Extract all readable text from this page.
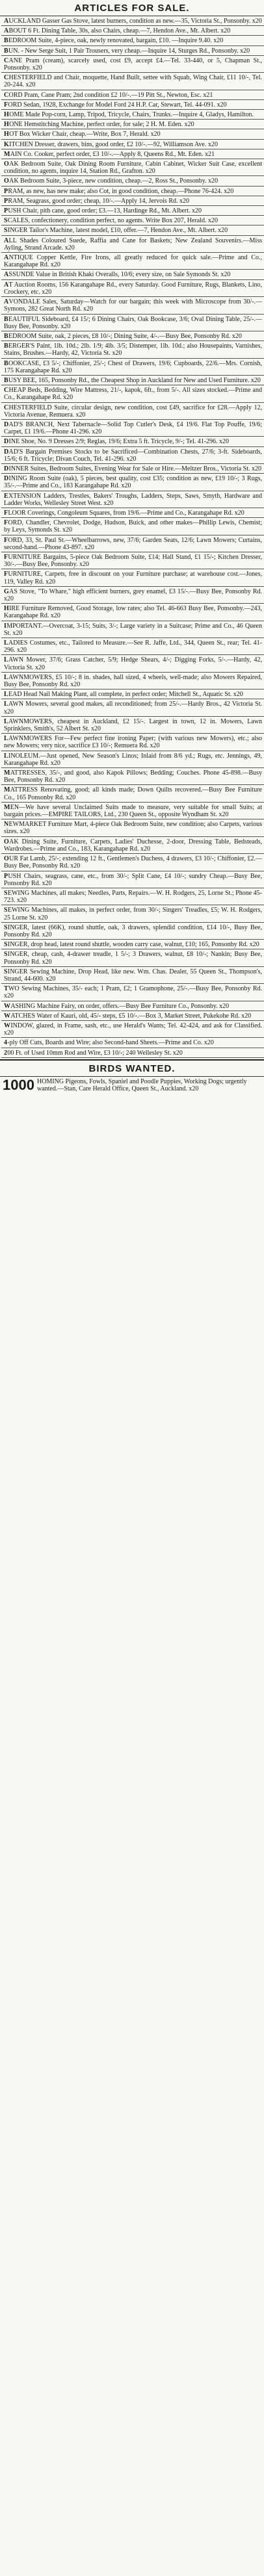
ARTICLES FOR SALE.
AUCKLAND Gasser Gas Stove, latest burners, condition as new.—35, Victoria St., Ponsonby. x20
ABOUT 6 Ft. Dining Table, 30s, also Chairs, cheap.—7, Hendon Ave., Mt. Albert. x20
BEDROOM Suite, 4-piece, oak, newly renovated, bargain, £10. —Inquire 9.40. x20
BUN. - New Serge Suit, 1 Pair Trousers, very cheap.—Inquire 14, Sturges Rd., Ponsonby. x20
CANE Pram (cream), scarcely used, cost £9, accept £4.—Tel. 33-440, or 5, Chapman St., Ponsonby. x20
CHESTERFIELD and Chair, moquette, Hand Built, settee with Squab, Wing Chair, £11 10/-, Tel. 20-244. x20
CORD Pram, Cane Pram; 2nd condition £2 10/-.—19 Pitt St., Newton, Esc. x21
FORD Sedan, 1928, Exchange for Model Ford 24 H.P. Car, Stewart, Tel. 44-091. x20
HOME Made Pop-corn, Lamp, Tripod, Tricycle, Chairs, Trunks.—Inquire 4, Gladys, Hamilton.
HONE Hemstitching Machine, perfect order, for sale; 2 H. M. Eden. x20
HOT Box Wicker Chair, cheap.—Write, Box 7, Herald. x20
KITCHEN Dresser, drawers, bins, good order, £2 10/-.—92, Williamson Ave. x20
MAIN Co. Cooker, perfect order, £3 10/-.—Apply 8, Queens Rd., Mt. Eden. x21
OAK Bedroom Suite, Oak Dining Room Furniture, Cabin Cabinet, Wicker Suit Case, excellent condition, no agents, inquire 14, Station Rd., Grafton. x20
OAK Bedroom Suite, 3-piece, new condition, cheap.—2, Ross St., Ponsonby. x20
PRAM, as new, has new make; also Cot, in good condition, cheap.—Phone 76-424. x20
PRAM, Seagrass, good order; cheap, 10/-.—Apply 14, Jervois Rd. x20
PUSH Chair, pith cane, good order; £3.—13, Hardinge Rd., Mt. Albert. x20
SCALES, confectionery, condition perfect, no agents. Write Box 207, Herald. x20
SINGER Tailor's Machine, latest model, £10, offer.—7, Hendon Ave., Mt. Albert. x20
ALL Shades Coloured Suede, Raffia and Cane for Baskets; New Zealand Souvenirs.—Miss Ayling, Strand Arcade. x20
ANTIQUE Copper Kettle, Fire Irons, all greatly reduced for quick sale.—Prime and Co., Karangahape Rd. x20
ASSUNDE Value in British Khaki Overalls, 10/6; every size, on Sale Symonds St. x20
AT Auction Rooms, 156 Karangahape Rd., every Saturday. Good Furniture, Rugs, Blankets, Lino, Crockery, etc. x20
AVONDALE Sales, Saturday—Watch for our bargain; this week with Microscope from 30/-.—Symons, 282 Great North Rd. x20
BEAUTIFUL Sideboard, £4 15/; 6 Dining Chairs, Oak Bookcase, 3/6; Oval Dining Table, 25/-.—Busy Bee, Ponsonby. x20
BEDROOM Suite, oak, 2 pieces, £8 10/-; Dining Suite, 4/-.—Busy Bee, Ponsonby Rd. x20
BERGER'S Paint, 1lb. 10d.; 2lb. 1/9; 4lb. 3/5; Distemper, 1lb. 10d.; also Housepaints, Varnishes, Stains, Brushes.—Hardy, 42, Victoria St. x20
BOOKCASE, £3 5/-; Chiffonier, 25/-; Chest of Drawers, 19/6; Cupboards, 22/6.—Mrs. Cornish, 175 Karangahape Rd. x20
BUSY BEE, 165, Ponsonby Rd., the Cheapest Shop in Auckland for New and Used Furniture. x20
CHEAP Beds, Bedding, Wire Mattress, 21/-, kapok, 6ft., from 5/-. All sizes stocked.—Prime and Co., Karangahape Rd. x20
CHESTERFIELD Suite, circular design, new condition, cost £49, sacrifice for £28.—Apply 12, Victoria Avenue, Remuera. x20
DAD'S BRANCH, Next Tabernacle—Solid Top Cutler's Desk, £4 19/6. Flat Top Pouffe, 19/6; Carpet, £1 19/6.—Phone 41-296. x20
DINE Shoe, No. 9 Dresses 2/9; Reglas, 19/6; Extra 5 ft. Tricycle, 9/-; Tel. 41-296. x20
DAD'S Bargain Premises Stocks to be Sacrificed—Combination Chests, 27/6; 3-ft. Sideboards, 15/6; 6 ft. Tricycle; Divan Couch, Tel. 41-296. x20
DINNER Suites, Bedroom Suites, Evening Wear for Sale or Hire.—Meltzer Bros., Victoria St. x20
DINING Room Suite (oak), 5 pieces, best quality, cost £35; condition as new, £19 10/-; 3 Rugs, 35/-.—Prime and Co., 183 Karangahape Rd. x20
EXTENSION Ladders, Trestles, Bakers' Troughs, Ladders, Steps, Saws, Smyth, Hardware and Ladder Works, Wellesley Street West. x20
FLOOR Coverings, Congoleum Squares, from 19/6.—Prime and Co., Karangahape Rd. x20
FORD, Chandler, Chevrolet, Dodge, Hudson, Buick, and other makes—Phillip Lewis, Chemist; by Leys, Symonds St. x20
FORD, 33, St. Paul St.—Wheelbarrows, new, 37/6; Garden Seats, 12/6; Lawn Mowers; Curtains, second-hand.—Phone 43-897. x20
FURNITURE Bargains, 5-piece Oak Bedroom Suite, £14; Hall Stand, £1 15/-; Kitchen Dresser, 30/-.—Busy Bee, Ponsonby. x20
FURNITURE, Carpets, free in discount on your Furniture purchase; at warehouse cost.—Jones, 119, Valley Rd. x20
GAS Stove, "To Whare," high efficient burners, grey enamel, £3 15/-.—Busy Bee, Ponsonby Rd. x20
HIRE Furniture Removed, Good Storage, low rates; also Tel. 46-663 Busy Bee, Ponsonby.—243, Karangahape Rd. x20
IMPORTANT.—Overcoat, 3-15; Suits, 3/-; Large variety in a Suitcase; Prime and Co., 46 Queen St. x20
LADIES Costumes, etc., Tailored to Measure.—See R. Jaffe, Ltd., 344, Queen St., rear; Tel. 41-296. x20
LAWN Mower, 37/6; Grass Catcher, 5/9; Hedge Shears, 4/-; Digging Forks, 5/-.—Hardy, 42, Victoria St. x20
LAWNMOWERS, £5 10/-; 8 in. shades, hall sized, 4 wheels, well-made; also Mowers Repaired, Busy Bee, Ponsonby Rd. x20
LEAD Head Nail Making Plant, all complete, in perfect order; Mitchell St., Aquatic St. x20
LAWN Mowers, several good makes, all reconditioned; from 25/-.—Hardy Bros., 42 Victoria St. x20
LAWNMOWERS, cheapest in Auckland, £2 15/-. Largest in town, 12 in. Mowers, Lawn Sprinklers, Smith's, 52 Albert St. x20
LAWNMOWERS For—Few perfect fine ironing Paper; (with various new Mowers), etc.; also new Mowers; very nice, sacrifice £3 10/-; Remuera Rd. x20
LINOLEUM.—Just opened, New Season's Linos; Inlaid from 8/6 yd.; Rugs, etc. Jennings, 49, Karangahape Rd. x20
MATTRESSES, 35/-, and good, also Kapok Pillows; Bedding; Couches. Phone 45-898.—Busy Bee, Ponsonby Rd. x20
MATTRESS Renovating, good; all kinds made; Down Quilts recovered.—Busy Bee Furniture Co., 165 Ponsonby Rd. x20
MEN—We have several Unclaimed Suits made to measure, very suitable for small Suits; at bargain prices.—EMPIRE TAILORS, Ltd., 230 Queen St., opposite Wyndham St. x20
NEWMARKET Furniture Mart, 4-piece Oak Bedroom Suite, new condition; also Carpets, various sizes. x20
OAK Dining Suite, Furniture, Carpets, Ladies' Duchesse, 2-door, Dressing Table, Bedsteads, Wardrobes.—Prime and Co., 183, Karangahape Rd. x20
OUR Fat Lamb, 25/-; extending 12 ft., Gentlemen's Duchess, 4 drawers, £3 10/-; Chiffonier, £2.—Busy Bee, Ponsonby Rd. x20
PUSH Chairs, seagrass, cane, etc., from 30/-; Split Cane, £4 10/-; sundry Cheap.—Busy Bee, Ponsonby Rd. x20
SEWING Machines, all makes; Needles, Parts, Repairs.—W. H. Rodgers, 25, Lorne St.; Phone 45-723. x20
SEWING Machines, all makes, in perfect order, from 30/-; Singers' Treadles, £5; W. H. Rodgers, 25 Lorne St. x20
SINGER, latest (66K), round shuttle, oak, 3 drawers, splendid condition, £14 10/-, Busy Bee, Ponsonby Rd. x20
SINGER, drop head, latest round shuttle, wooden carry case, walnut, £10; 165, Ponsonby Rd. x20
SINGER, cheap, cash, 4-drawer treadle, 1 5/-; 3 Drawers, walnut, £8 10/-; Nankin; Busy Bee, Ponsonby Rd. x20
SINGER Sewing Machine, Drop Head, like new. Wm. Chas. Dealer, 55 Queen St., Thompson's, Strand, 44-600. x20
TWO Sewing Machines, 35/- each; 1 Pram, £2; 1 Gramophone, 25/-.—Busy Bee, Ponsonby Rd. x20
WASHING Machine Fairy, on order, offers.—Busy Bee Furniture Co., Ponsonby. x20
WATCHES Water of Kauri, old, 45/- steps, £5 10/-.—Box 3, Market Street, Pukekohe Rd. x20
WINDOW, glazed, in Frame, sash, etc., use Herald's Wants; Tel. 42-424, and ask for Classified. x20
4-ply Off Cuts, Boards and Wire; also Second-hand Sheets.—Prime and Co. x20
200 Ft. of Used 10mm Rod and Wire, £3 10/-; 240 Wellesley St. x20
BIRDS WANTED.
1000 HOMING Pigeons, Fowls, Spaniel and Poodle Puppies, Working Dogs; urgently wanted.—Stan, Care Herald Office, Queen St., Auckland. x20
